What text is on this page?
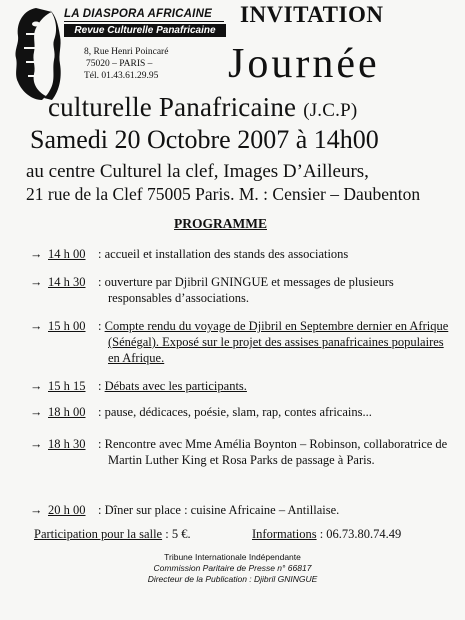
LA DIASPORA AFRICAINE
Revue Culturelle Panafricaine
8, Rue Henri Poincaré
75020 – PARIS –
Tél. 01.43.61.29.95
INVITATION
Journée
culturelle Panafricaine (J.C.P)
Samedi 20 Octobre 2007 à 14h00
au centre Culturel la clef, Images D’Ailleurs,
21 rue de la Clef 75005 Paris. M. : Censier – Daubenton
PROGRAMME
→ 14 h 00 : accueil et installation des stands des associations
→ 14 h 30 : ouverture par Djibril GNINGUE et messages de plusieurs responsables d’associations.
→ 15 h 00 : Compte rendu du voyage de Djibril en Septembre dernier en Afrique (Sénégal). Exposé sur le projet des assises panafricaines populaires en Afrique.
→ 15 h 15 : Débats avec les participants.
→ 18 h 00 : pause, dédicaces, poésie, slam, rap, contes africains...
→ 18 h 30 : Rencontre avec Mme Amélia Boynton – Robinson, collaboratrice de Martin Luther King et Rosa Parks de passage à Paris.
→ 20 h 00 : Dîner sur place : cuisine Africaine – Antillaise.
Participation pour la salle : 5 €.	Informations : 06.73.80.74.49
Tribune Internationale Indépendante
Commission Paritaire de Presse n° 66817
Directeur de la Publication : Djibril GNINGUE
